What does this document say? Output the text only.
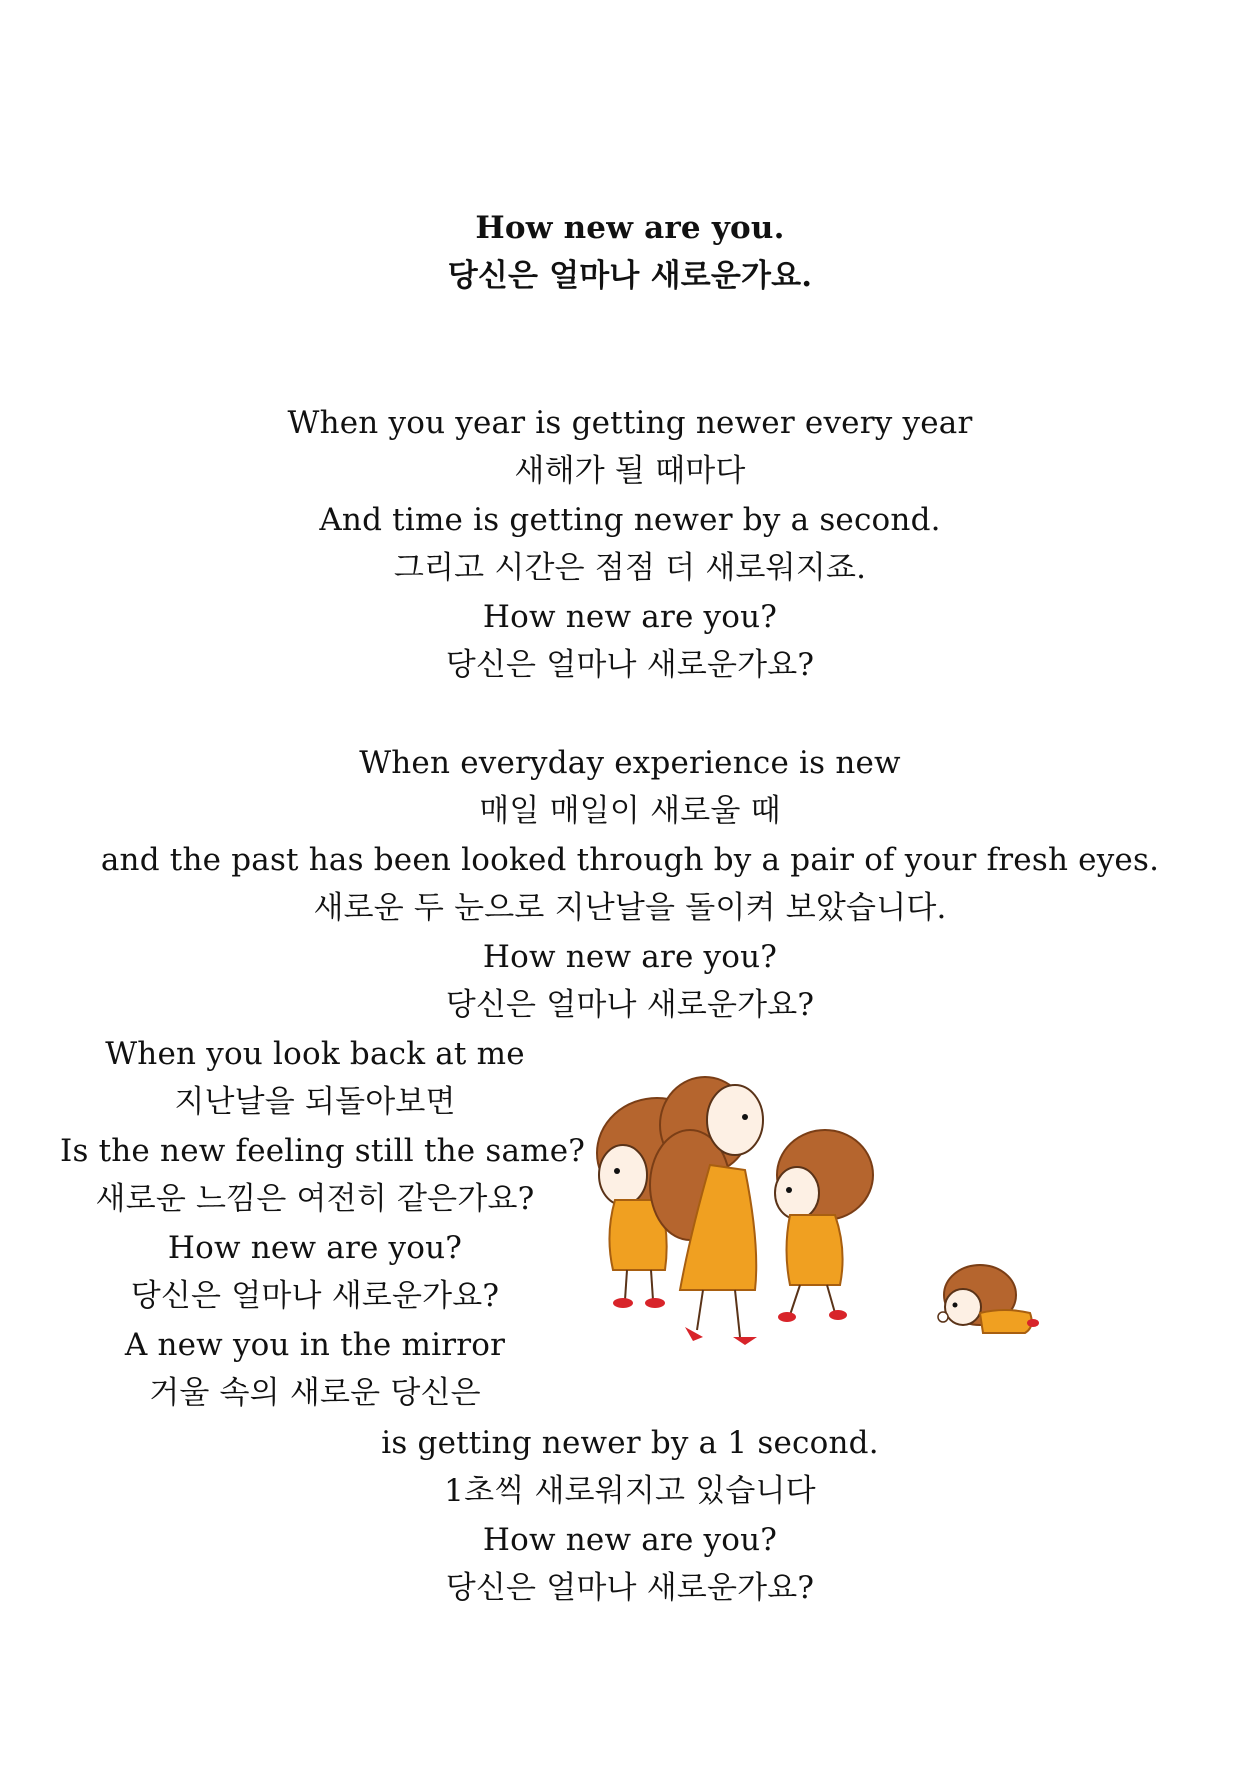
How new are you.
당신은 얼마나 새로운가요.
When you year is getting newer every year
새해가 될 때마다
And time is getting newer by a second.
그리고 시간은 점점 더 새로워지죠.
How new are you?
당신은 얼마나 새로운가요?
When everyday experience is new
매일 매일이 새로울 때
and the past has been looked through by a pair of your fresh eyes.
새로운 두 눈으로 지난날을 돌이켜 보았습니다.
How new are you?
당신은 얼마나 새로운가요?
When you look back at me
지난날을 되돌아보면
Is the new feeling still the same?
새로운 느낌은 여전히 같은가요?
How new are you?
당신은 얼마나 새로운가요?
A new you in the mirror
거울 속의 새로운 당신은
is getting newer by a 1 second.
1초씩 새로워지고 있습니다
How new are you?
당신은 얼마나 새로운가요?
